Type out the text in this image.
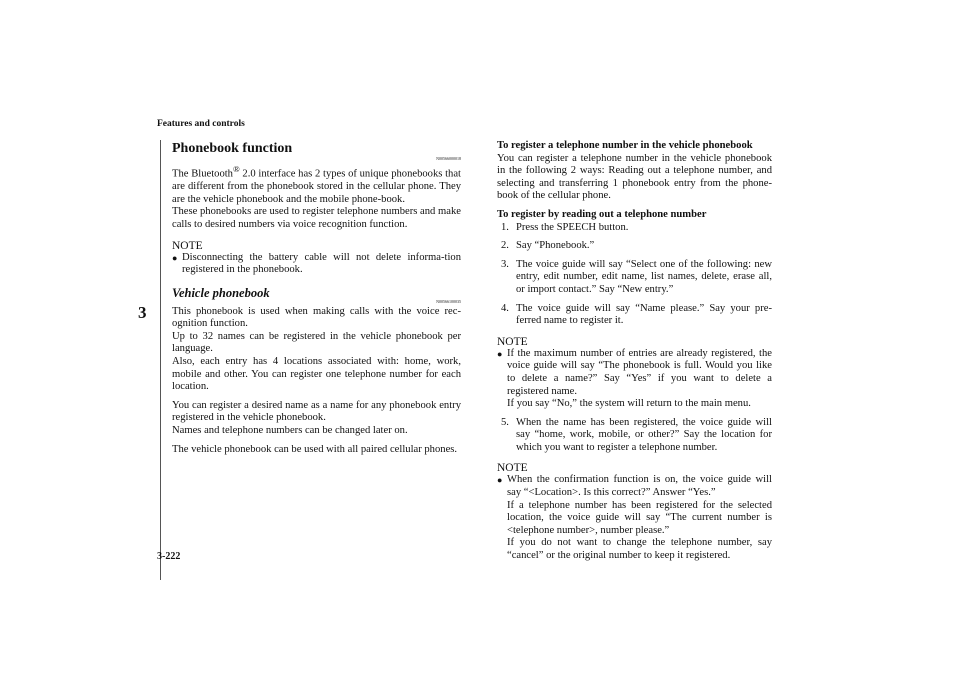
Features and controls
3
3-222
Phonebook function
N00566000018

The Bluetooth® 2.0 interface has 2 types of unique phonebooks that are different from the phonebook stored in the cellular phone. They are the vehicle phonebook and the mobile phone-book.

These phonebooks are used to register telephone numbers and make calls to desired numbers via voice recognition function.

NOTE
● Disconnecting the battery cable will not delete informa-tion registered in the phonebook.
Vehicle phonebook
N00566100035

This phonebook is used when making calls with the voice rec-ognition function.

Up to 32 names can be registered in the vehicle phonebook per language.

Also, each entry has 4 locations associated with: home, work, mobile and other. You can register one telephone number for each location.

You can register a desired name as a name for any phonebook entry registered in the vehicle phonebook.

Names and telephone numbers can be changed later on.

The vehicle phonebook can be used with all paired cellular phones.

To register a telephone number in the vehicle phonebook

You can register a telephone number in the vehicle phonebook in the following 2 ways: Reading out a telephone number, and selecting and transferring 1 phonebook entry from the phone-book of the cellular phone.

To register by reading out a telephone number

1. Press the SPEECH button.
2. Say “Phonebook.”
3. The voice guide will say “Select one of the following: new entry, edit number, edit name, list names, delete, erase all, or import contact.” Say “New entry.”
4. The voice guide will say “Name please.” Say your pre-ferred name to register it.
NOTE
● If the maximum number of entries are already registered, the voice guide will say “The phonebook is full. Would you like to delete a name?” Say “Yes” if you want to delete a registered name.
If you say “No,” the system will return to the main menu.
5. When the name has been registered, the voice guide will say “home, work, mobile, or other?” Say the location for which you want to register a telephone number.
NOTE
● When the confirmation function is on, the voice guide will say “<Location>. Is this correct?” Answer “Yes.”
If a telephone number has been registered for the selected location, the voice guide will say “The current number is <telephone number>, number please.”
If you do not want to change the telephone number, say “cancel” or the original number to keep it registered.
